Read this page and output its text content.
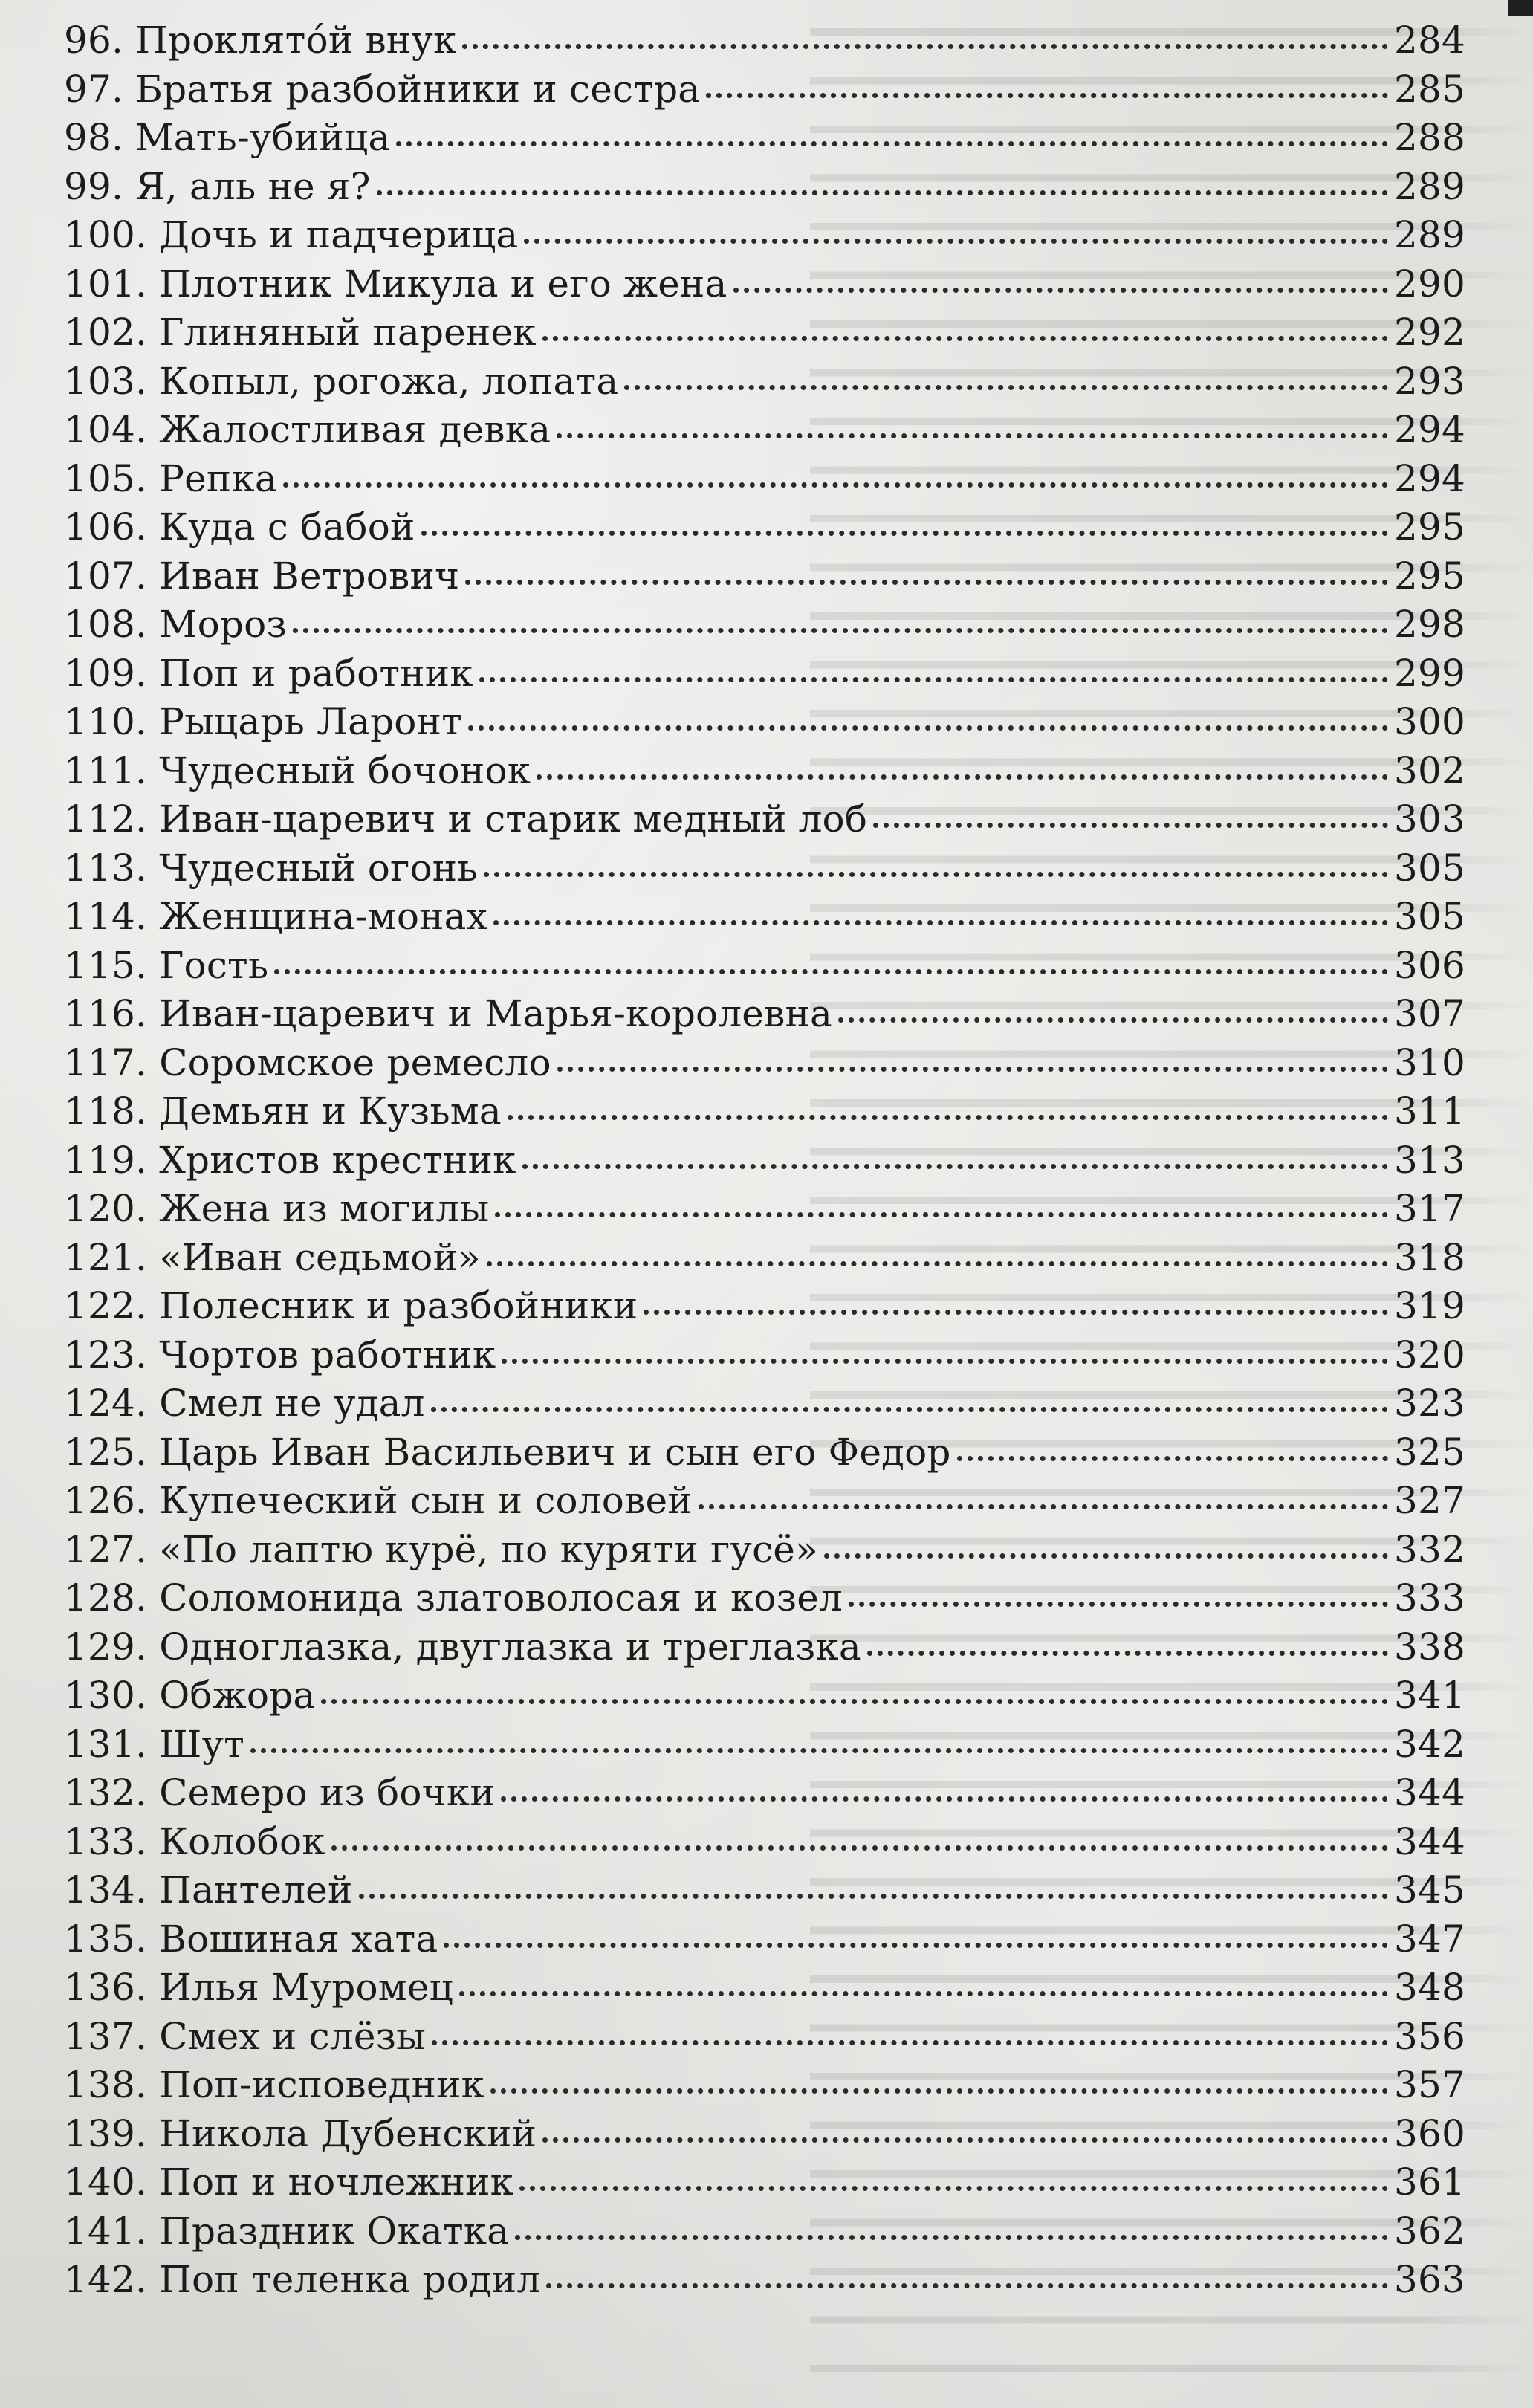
96. Проклятóй внук	284
97. Братья разбойники и сестра	285
98. Мать-убийца	288
99. Я, аль не я?	289
100. Дочь и падчерица	289
101. Плотник Микула и его жена	290
102. Глиняный паренек	292
103. Копыл, рогожа, лопата	293
104. Жалостливая девка	294
105. Репка	294
106. Куда с бабой	295
107. Иван Ветрович	295
108. Мороз	298
109. Поп и работник	299
110. Рыцарь Ларонт	300
111. Чудесный бочонок	302
112. Иван-царевич и старик медный лоб	303
113. Чудесный огонь	305
114. Женщина-монах	305
115. Гость	306
116. Иван-царевич и Марья-королевна	307
117. Соромское ремесло	310
118. Демьян и Кузьма	311
119. Христов крестник	313
120. Жена из могилы	317
121. «Иван седьмой»	318
122. Полесник и разбойники	319
123. Чортов работник	320
124. Смел не удал	323
125. Царь Иван Васильевич и сын его Федор	325
126. Купеческий сын и соловей	327
127. «По лаптю курё, по куряти гусё»	332
128. Соломонида златоволосая и козел	333
129. Одноглазка, двуглазка и треглазка	338
130. Обжора	341
131. Шут	342
132. Семеро из бочки	344
133. Колобок	344
134. Пантелей	345
135. Вошиная хата	347
136. Илья Муромец	348
137. Смех и слёзы	356
138. Поп-исповедник	357
139. Никола Дубенский	360
140. Поп и ночлежник	361
141. Праздник Окатка	362
142. Поп теленка родил	363
